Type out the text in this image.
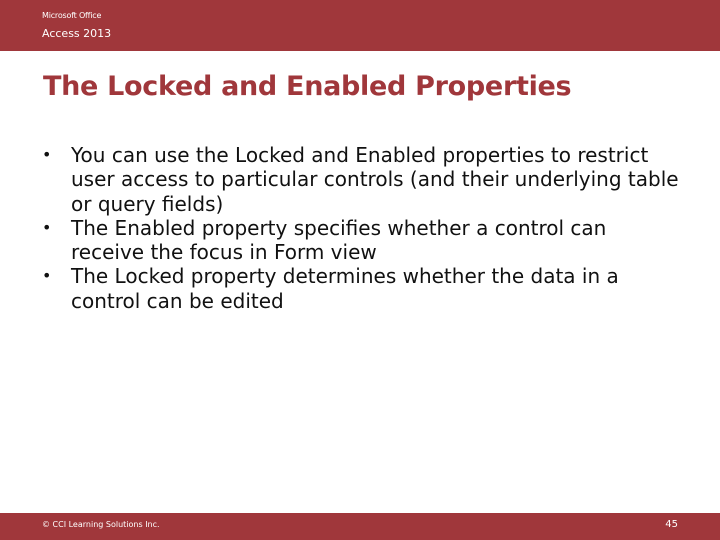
Microsoft Office
Access 2013
The Locked and Enabled Properties
• You can use the Locked and Enabled properties to restrict user access to particular controls (and their underlying table or query fields)
• The Enabled property specifies whether a control can receive the focus in Form view
• The Locked property determines whether the data in a control can be edited
© CCI Learning Solutions Inc.	45
